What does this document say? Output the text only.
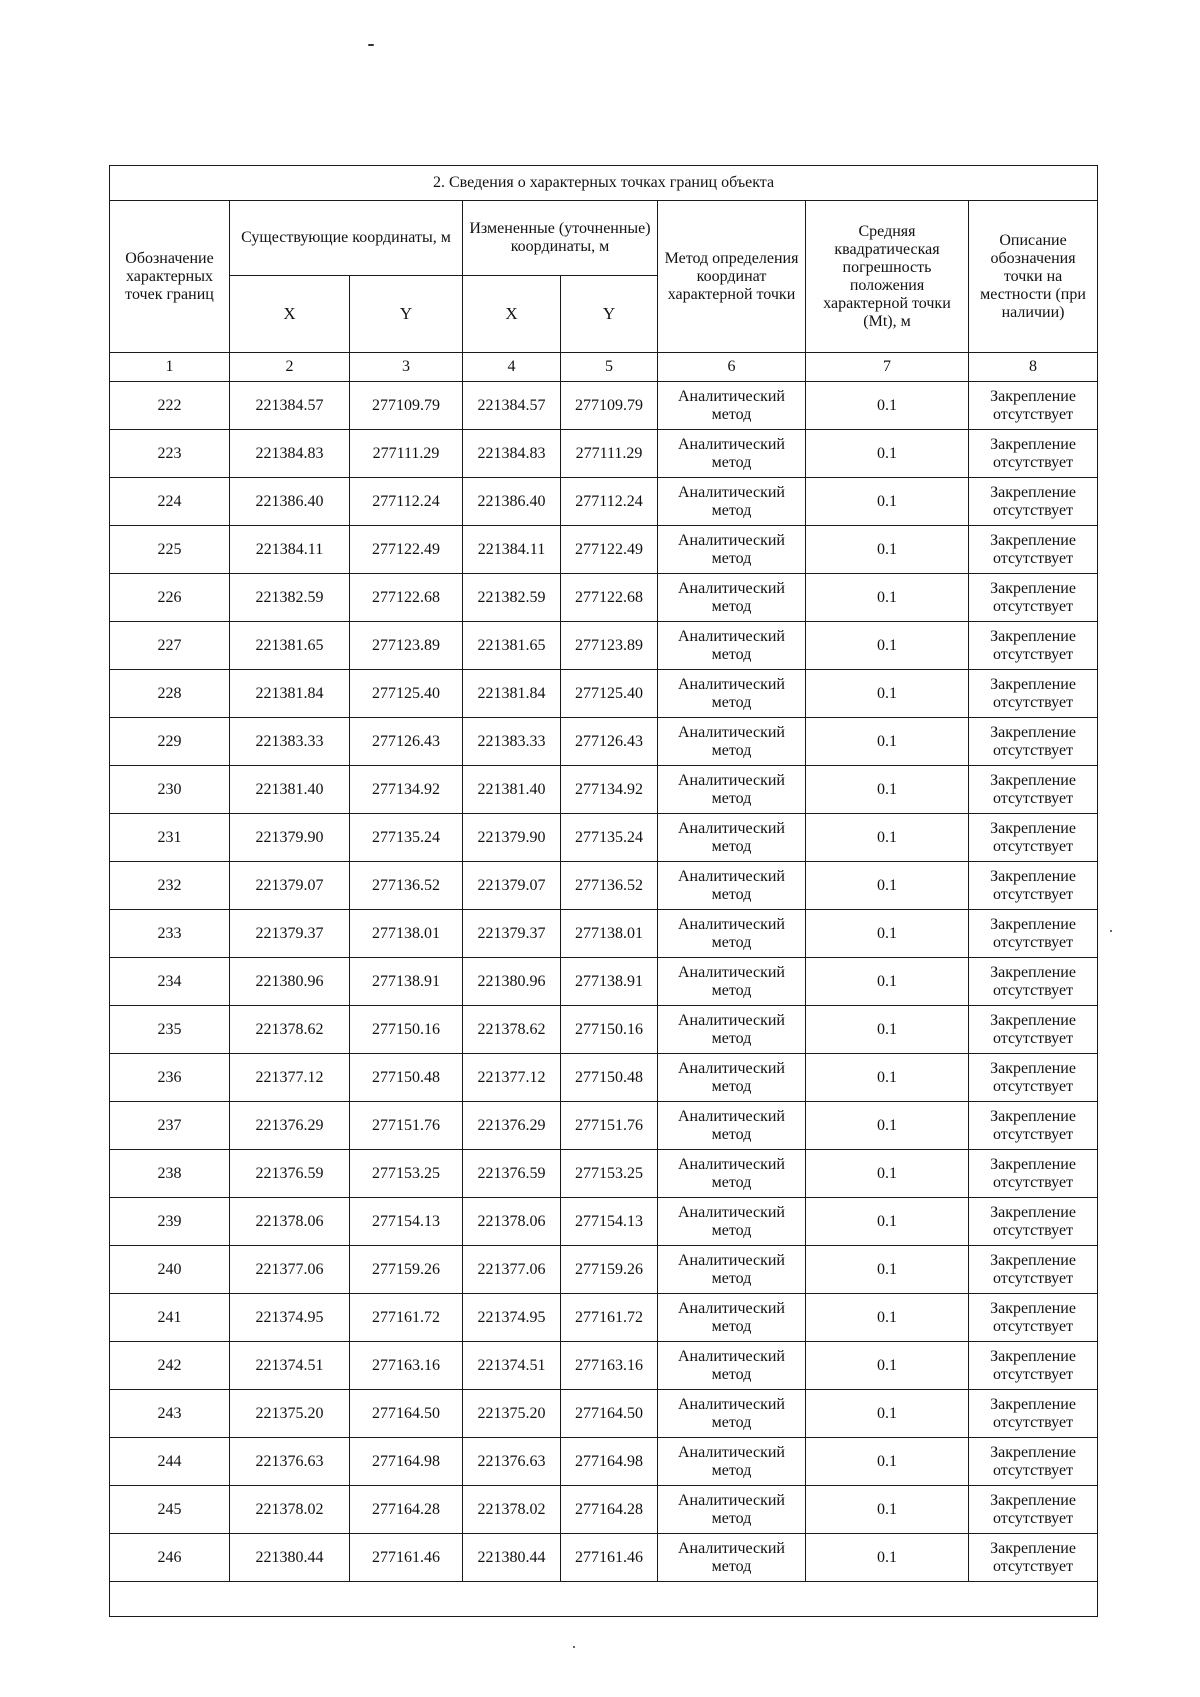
2. Сведения о характерных точках границ объекта							
Обозначение характерных точек границ	Существующие координаты, м		Измененные (уточненные) координаты, м		Метод определения координат характерной точки	Средняя квадратическая погрешность положения характерной точки (Mt), м	Описание обозначения точки на местности (при наличии)
	X	Y	X	Y			
1	2	3	4	5	6	7	8
222	221384.57	277109.79	221384.57	277109.79	Аналитический метод	0.1	Закрепление отсутствует
223	221384.83	277111.29	221384.83	277111.29	Аналитический метод	0.1	Закрепление отсутствует
224	221386.40	277112.24	221386.40	277112.24	Аналитический метод	0.1	Закрепление отсутствует
225	221384.11	277122.49	221384.11	277122.49	Аналитический метод	0.1	Закрепление отсутствует
226	221382.59	277122.68	221382.59	277122.68	Аналитический метод	0.1	Закрепление отсутствует
227	221381.65	277123.89	221381.65	277123.89	Аналитический метод	0.1	Закрепление отсутствует
228	221381.84	277125.40	221381.84	277125.40	Аналитический метод	0.1	Закрепление отсутствует
229	221383.33	277126.43	221383.33	277126.43	Аналитический метод	0.1	Закрепление отсутствует
230	221381.40	277134.92	221381.40	277134.92	Аналитический метод	0.1	Закрепление отсутствует
231	221379.90	277135.24	221379.90	277135.24	Аналитический метод	0.1	Закрепление отсутствует
232	221379.07	277136.52	221379.07	277136.52	Аналитический метод	0.1	Закрепление отсутствует
233	221379.37	277138.01	221379.37	277138.01	Аналитический метод	0.1	Закрепление отсутствует
234	221380.96	277138.91	221380.96	277138.91	Аналитический метод	0.1	Закрепление отсутствует
235	221378.62	277150.16	221378.62	277150.16	Аналитический метод	0.1	Закрепление отсутствует
236	221377.12	277150.48	221377.12	277150.48	Аналитический метод	0.1	Закрепление отсутствует
237	221376.29	277151.76	221376.29	277151.76	Аналитический метод	0.1	Закрепление отсутствует
238	221376.59	277153.25	221376.59	277153.25	Аналитический метод	0.1	Закрепление отсутствует
239	221378.06	277154.13	221378.06	277154.13	Аналитический метод	0.1	Закрепление отсутствует
240	221377.06	277159.26	221377.06	277159.26	Аналитический метод	0.1	Закрепление отсутствует
241	221374.95	277161.72	221374.95	277161.72	Аналитический метод	0.1	Закрепление отсутствует
242	221374.51	277163.16	221374.51	277163.16	Аналитический метод	0.1	Закрепление отсутствует
243	221375.20	277164.50	221375.20	277164.50	Аналитический метод	0.1	Закрепление отсутствует
244	221376.63	277164.98	221376.63	277164.98	Аналитический метод	0.1	Закрепление отсутствует
245	221378.02	277164.28	221378.02	277164.28	Аналитический метод	0.1	Закрепление отсутствует
246	221380.44	277161.46	221380.44	277161.46	Аналитический метод	0.1	Закрепление отсутствует
